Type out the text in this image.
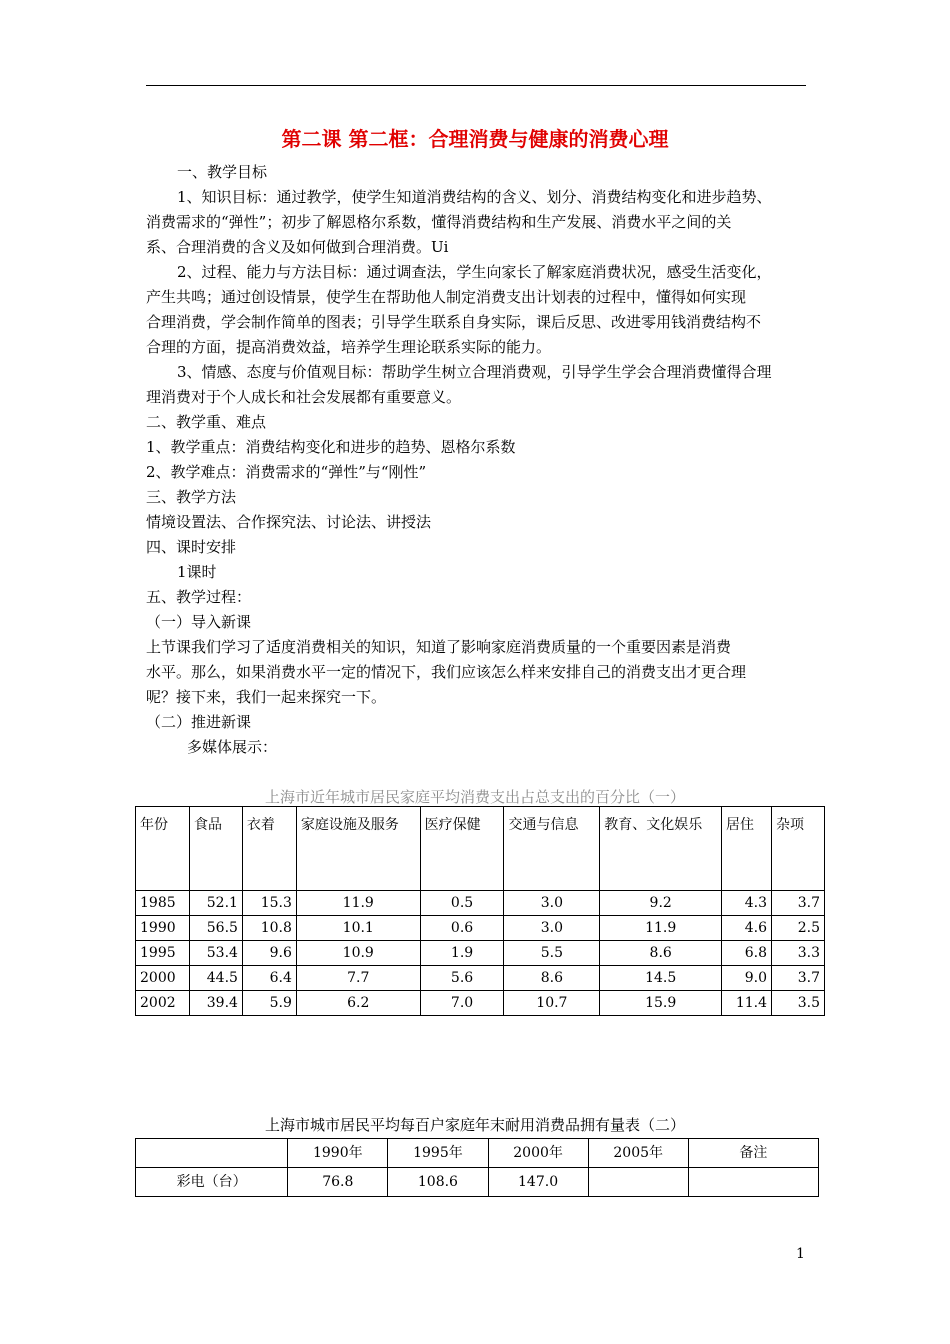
第二课 第二框：合理消费与健康的消费心理
一、教学目标
1、知识目标：通过教学，使学生知道消费结构的含义、划分、消费结构变化和进步趋势、
消费需求的“弹性”；初步了解恩格尔系数，懂得消费结构和生产发展、消费水平之间的关
系、合理消费的含义及如何做到合理消费。Ui
2、过程、能力与方法目标：通过调查法，学生向家长了解家庭消费状况，感受生活变化，
产生共鸣；通过创设情景，使学生在帮助他人制定消费支出计划表的过程中，懂得如何实现
合理消费，学会制作简单的图表；引导学生联系自身实际，课后反思、改进零用钱消费结构不
合理的方面，提高消费效益，培养学生理论联系实际的能力。
3、情感、态度与价值观目标：帮助学生树立合理消费观，引导学生学会合理消费懂得合理
理消费对于个人成长和社会发展都有重要意义。
二、教学重、难点
1、教学重点：消费结构变化和进步的趋势、恩格尔系数
2、教学难点：消费需求的“弹性”与“刚性”
三、教学方法
情境设置法、合作探究法、讨论法、讲授法
四、课时安排
1课时
五、教学过程：
（一）导入新课
上节课我们学习了适度消费相关的知识，知道了影响家庭消费质量的一个重要因素是消费
水平。那么，如果消费水平一定的情况下，我们应该怎么样来安排自己的消费支出才更合理
呢？接下来，我们一起来探究一下。
（二）推进新课
多媒体展示：
上海市近年城市居民家庭平均消费支出占总支出的百分比（一）
年份	食品	衣着	家庭设施及服务	医疗保健	交通与信息	教育、文化娱乐	居住	杂项
1985	52.1	15.3	11.9	0.5	3.0	9.2	4.3	3.7
1990	56.5	10.8	10.1	0.6	3.0	11.9	4.6	2.5
1995	53.4	9.6	10.9	1.9	5.5	8.6	6.8	3.3
2000	44.5	6.4	7.7	5.6	8.6	14.5	9.0	3.7
2002	39.4	5.9	6.2	7.0	10.7	15.9	11.4	3.5
上海市城市居民平均每百户家庭年末耐用消费品拥有量表（二）
	1990年	1995年	2000年	2005年	备注
彩电（台）	76.8	108.6	147.0		
1
